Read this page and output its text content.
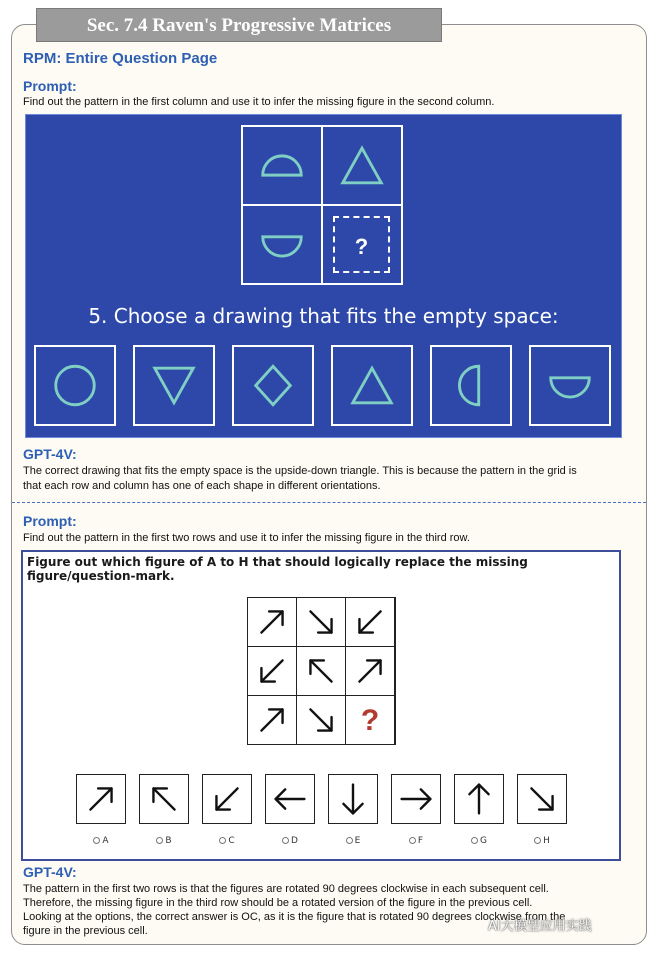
Sec. 7.4 Raven's Progressive Matrices
RPM: Entire Question Page
Prompt:
Find out the pattern in the first column and use it to infer the missing figure in the second column.
?
5. Choose a drawing that fits the empty space:
GPT-4V:
The correct drawing that fits the empty space is the upside-down triangle. This is because the pattern in the grid is
that each row and column has one of each shape in different orientations.
Prompt:
Find out the pattern in the first two rows and use it to infer the missing figure in the third row.
Figure out which figure of A to H that should logically replace the missing figure/question-mark.
?
A	B	C	D	E	F	G	H
GPT-4V:
The pattern in the first two rows is that the figures are rotated 90 degrees clockwise in each subsequent cell.
Therefore, the missing figure in the third row should be a rotated version of the figure in the previous cell.
Looking at the options, the correct answer is OC, as it is the figure that is rotated 90 degrees clockwise from the
figure in the previous cell.	AI大模型应用实践
